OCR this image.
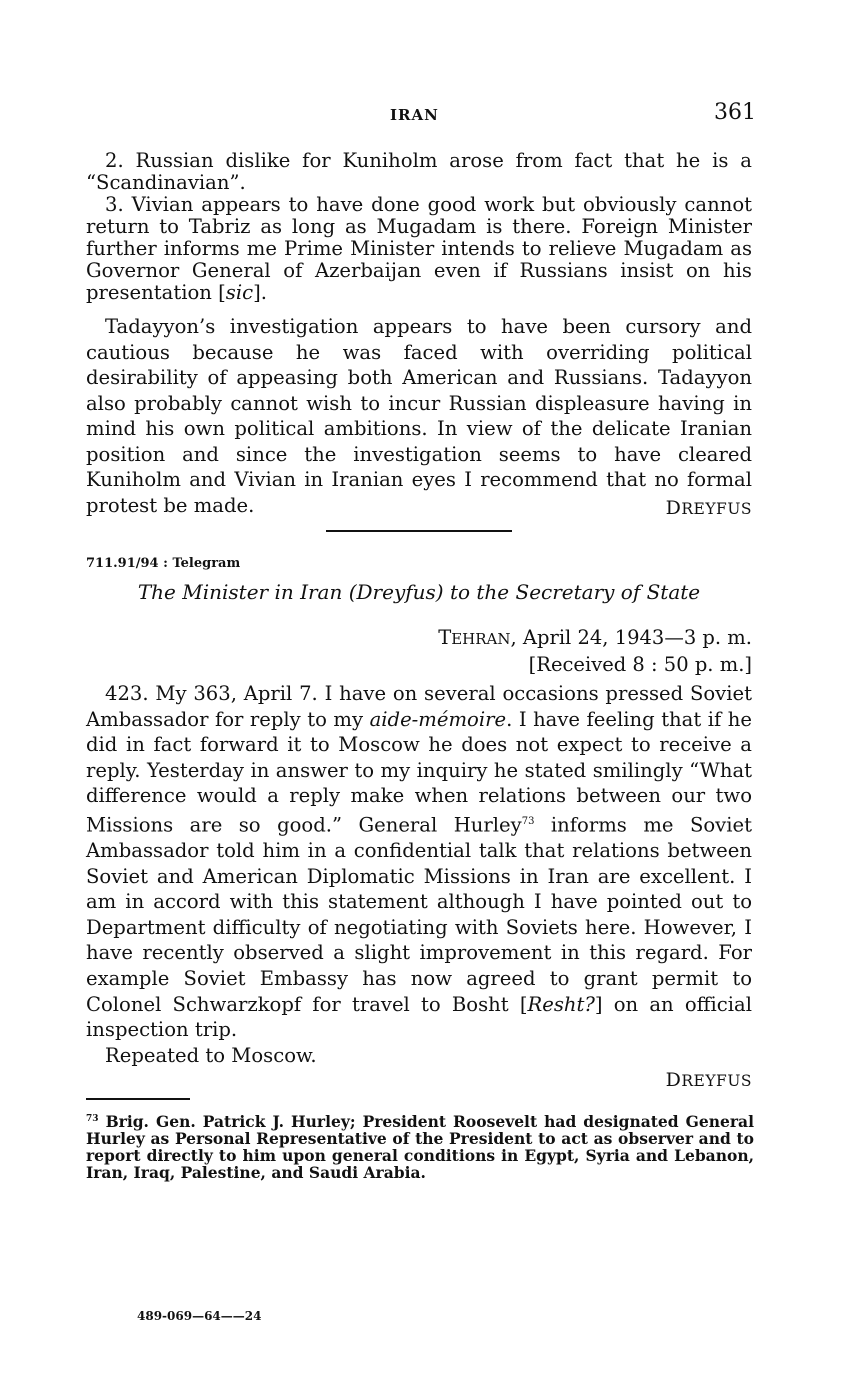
IRAN	361

2. Russian dislike for Kuniholm arose from fact that he is a “Scandinavian”.

3. Vivian appears to have done good work but obviously cannot return to Tabriz as long as Mugadam is there. Foreign Minister further informs me Prime Minister intends to relieve Mugadam as Governor General of Azerbaijan even if Russians insist on his presentation [sic].

Tadayyon’s investigation appears to have been cursory and cautious because he was faced with overriding political desirability of appeasing both American and Russians. Tadayyon also probably cannot wish to incur Russian displeasure having in mind his own political ambitions. In view of the delicate Iranian position and since the investigation seems to have cleared Kuniholm and Vivian in Iranian eyes I recommend that no formal protest be made.	DREYFUS
711.91/94 : Telegram
The Minister in Iran (Dreyfus) to the Secretary of State
TEHRAN, April 24, 1943—3 p. m.
[Received 8 : 50 p. m.]

423. My 363, April 7. I have on several occasions pressed Soviet Ambassador for reply to my aide-mémoire. I have feeling that if he did in fact forward it to Moscow he does not expect to receive a reply. Yesterday in answer to my inquiry he stated smilingly “What difference would a reply make when relations between our two Missions are so good.” General Hurley$^{73}$ informs me Soviet Ambassador told him in a confidential talk that relations between Soviet and American Diplomatic Missions in Iran are excellent. I am in accord with this statement although I have pointed out to Department difficulty of negotiating with Soviets here. However, I have recently observed a slight improvement in this regard. For example Soviet Embassy has now agreed to grant permit to Colonel Schwarzkopf for travel to Bosht [Resht?] on an official inspection trip.

Repeated to Moscow.

DREYFUS
$^{73}$ Brig. Gen. Patrick J. Hurley; President Roosevelt had designated General Hurley as Personal Representative of the President to act as observer and to report directly to him upon general conditions in Egypt, Syria and Lebanon, Iran, Iraq, Palestine, and Saudi Arabia.
489-069—64——24
